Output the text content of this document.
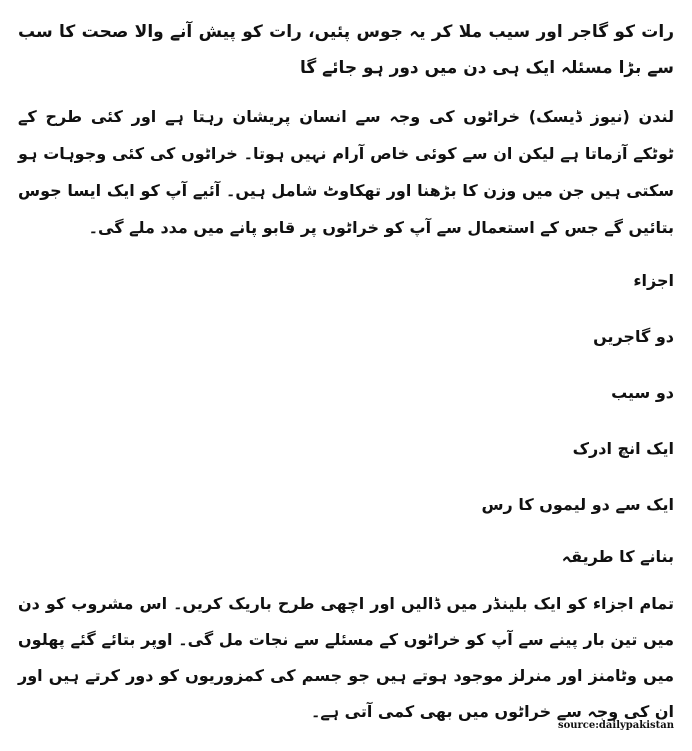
رات کو گاجر اور سیب ملا کر یہ جوس پئیں، رات کو پیش آنے والا صحت کا سب سے بڑا مسئلہ ایک ہی دن میں دور ہو جائے گا

لندن (نیوز ڈیسک) خراٹوں کی وجہ سے انسان پریشان رہتا ہے اور کئی طرح کے ٹوٹکے آزماتا ہے لیکن ان سے کوئی خاص آرام نہیں ہوتا۔ خراٹوں کی کئی وجوہات ہو سکتی ہیں جن میں وزن کا بڑھنا اور تھکاوٹ شامل ہیں۔ آئیے آپ کو ایک ایسا جوس بتائیں گے جس کے استعمال سے آپ کو خراٹوں پر قابو پانے میں مدد ملے گی۔

اجزاء

دو گاجریں

دو سیب

ایک انچ ادرک

ایک سے دو لیموں کا رس

بنانے کا طریقہ

تمام اجزاء کو ایک بلینڈر میں ڈالیں اور اچھی طرح باریک کریں۔ اس مشروب کو دن میں تین بار پینے سے آپ کو خراٹوں کے مسئلے سے نجات مل گی۔ اوپر بتائے گئے پھلوں میں وٹامنز اور منرلز موجود ہوتے ہیں جو جسم کی کمزوریوں کو دور کرتے ہیں اور ان کی وجہ سے خراٹوں میں بھی کمی آتی ہے۔

source:dailypakistan
